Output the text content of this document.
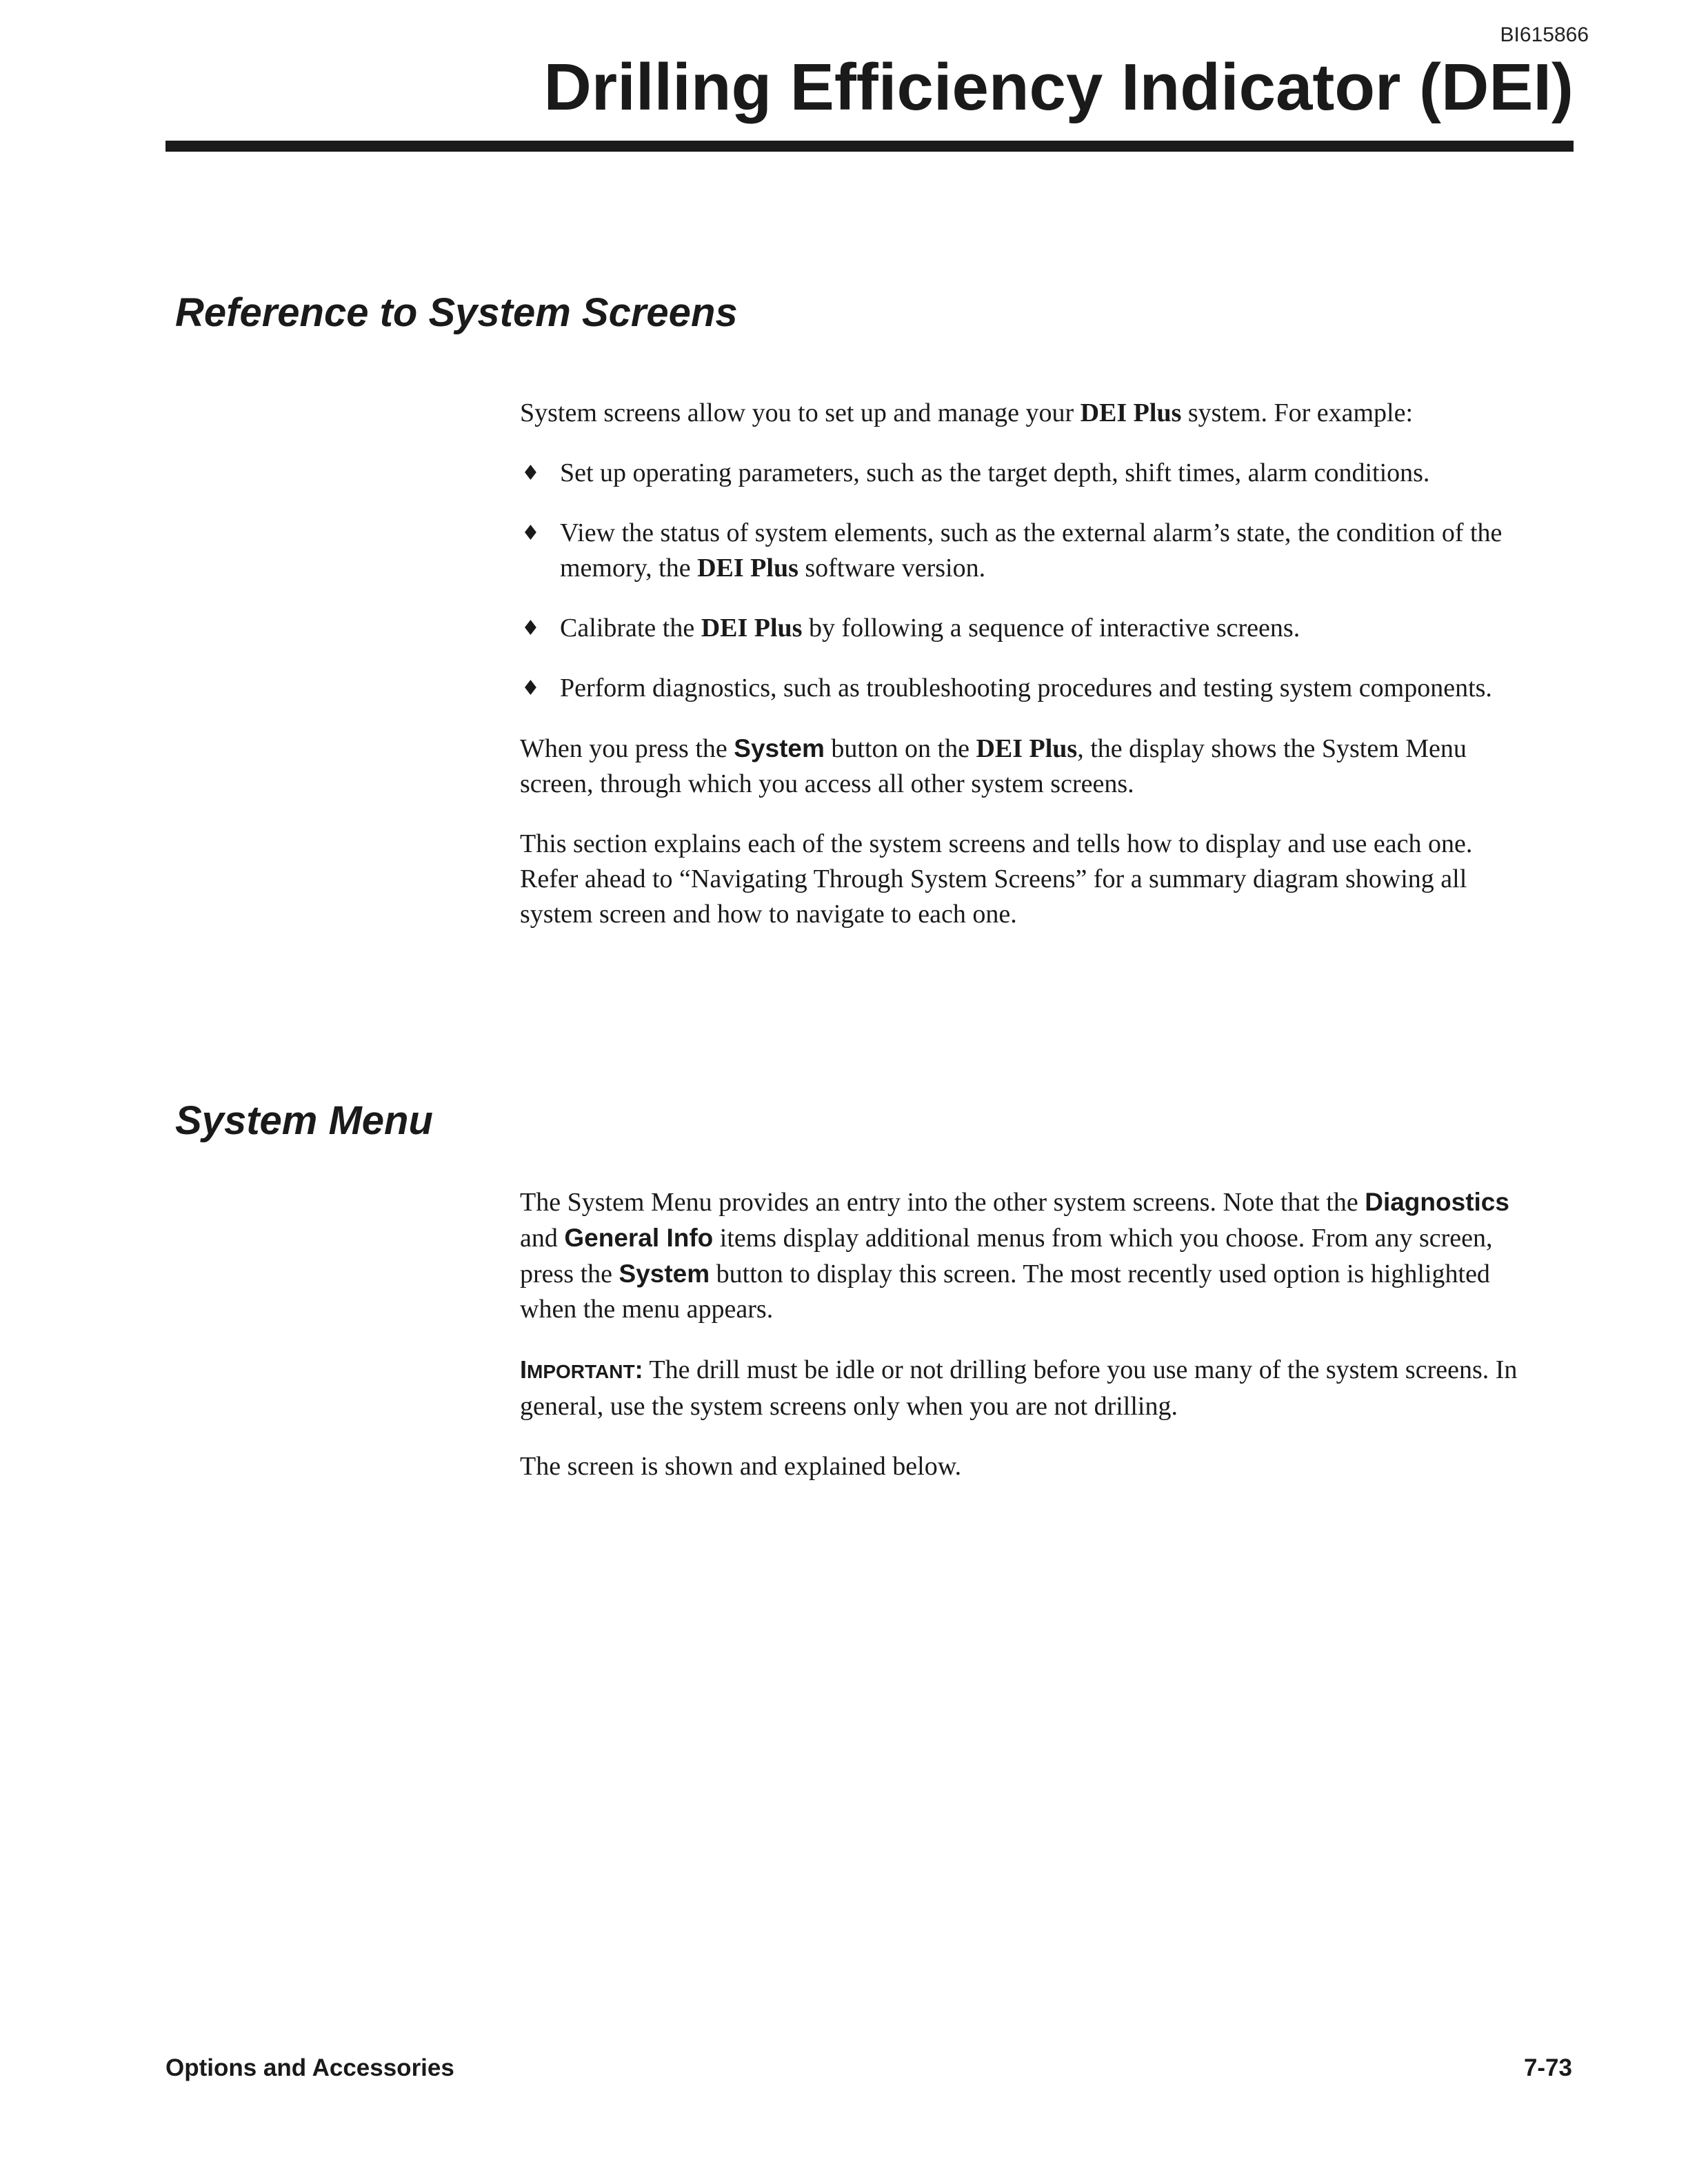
BI615866
Drilling Efficiency Indicator (DEI)
Reference to System Screens

System screens allow you to set up and manage your DEI Plus system. For example:

♦ Set up operating parameters, such as the target depth, shift times, alarm conditions.
♦ View the status of system elements, such as the external alarm’s state, the condition of the memory, the DEI Plus software version.
♦ Calibrate the DEI Plus by following a sequence of interactive screens.
♦ Perform diagnostics, such as troubleshooting procedures and testing system components.

When you press the System button on the DEI Plus, the display shows the System Menu screen, through which you access all other system screens.

This section explains each of the system screens and tells how to display and use each one. Refer ahead to “Navigating Through System Screens” for a summary diagram showing all system screen and how to navigate to each one.

System Menu

The System Menu provides an entry into the other system screens. Note that the Diagnostics and General Info items display additional menus from which you choose. From any screen, press the System button to display this screen. The most recently used option is highlighted when the menu appears.

IMPORTANT: The drill must be idle or not drilling before you use many of the system screens. In general, use the system screens only when you are not drilling.

The screen is shown and explained below.

Options and Accessories	7-73
